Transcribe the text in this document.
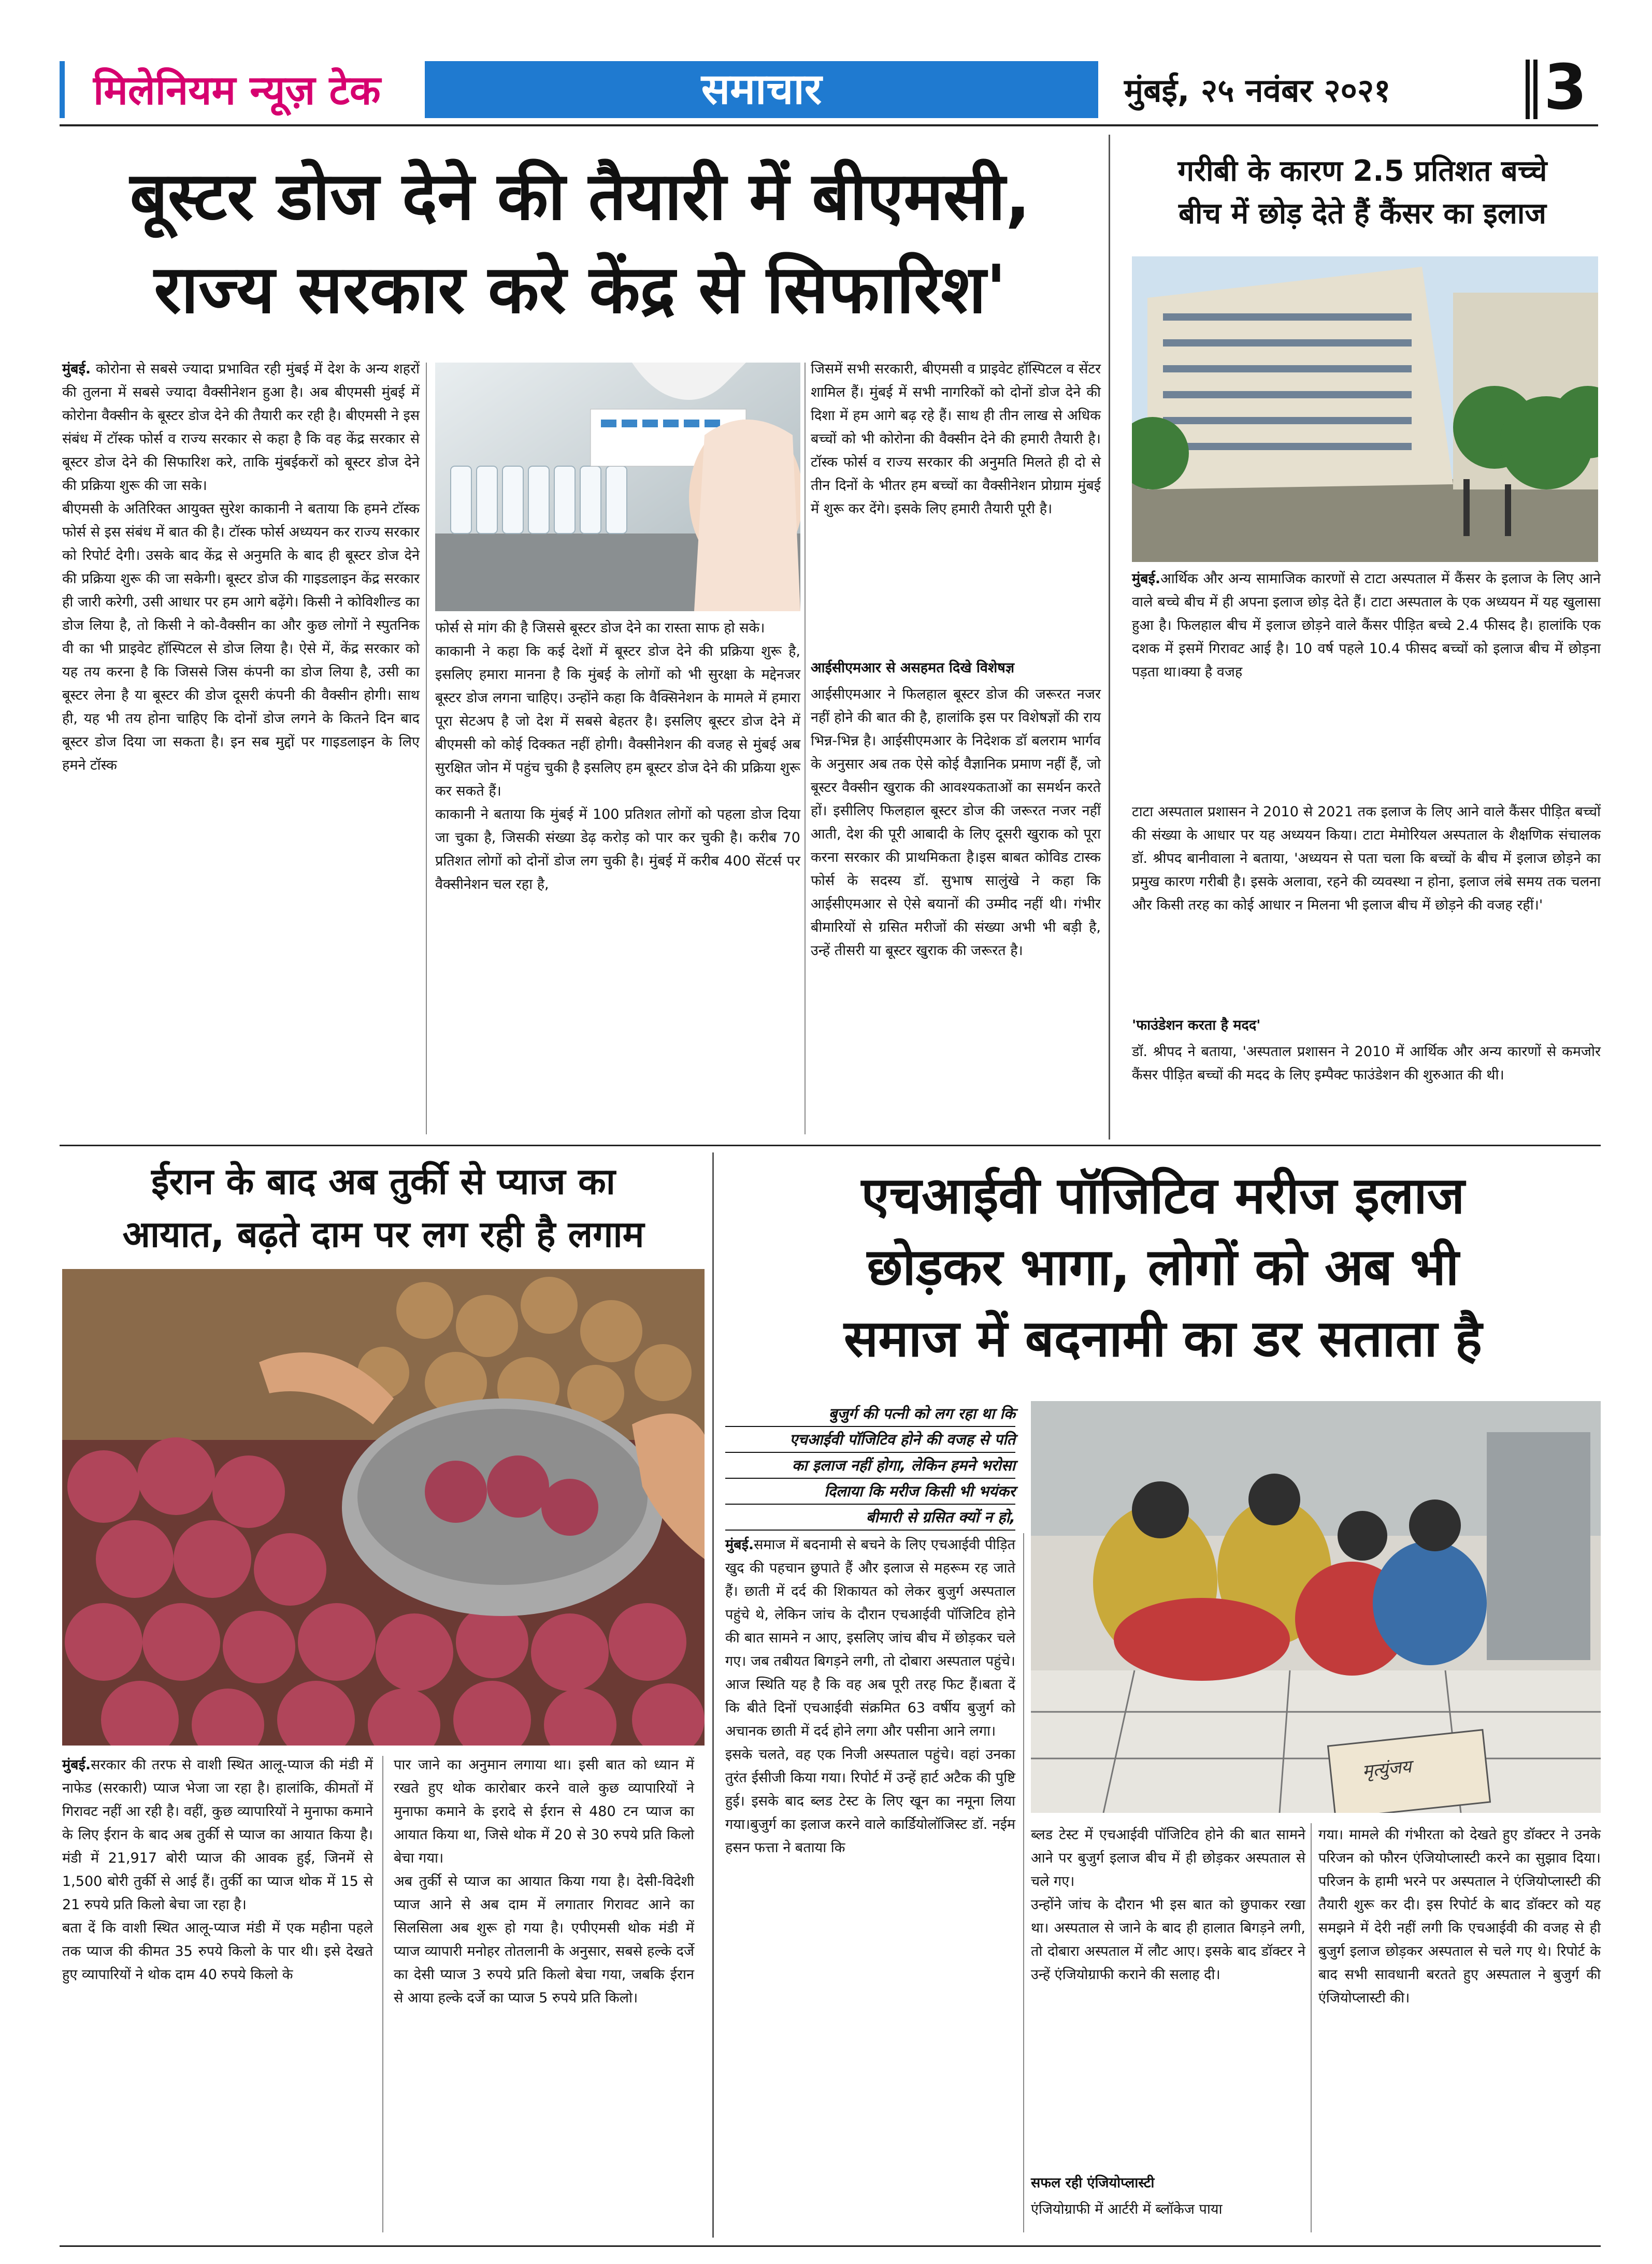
मिलेनियम न्यूज़ टेक	समाचार	मुंबई, २५ नवंबर २०२१	3
बूस्टर डोज देने की तैयारी में बीएमसी,
राज्य सरकार करे केंद्र से सिफारिश'
मुंबई. कोरोना से सबसे ज्यादा प्रभावित रही मुंबई में देश के अन्य शहरों की तुलना में सबसे ज्यादा वैक्सीनेशन हुआ है। अब बीएमसी मुंबई में कोरोना वैक्सीन के बूस्टर डोज देने की तैयारी कर रही है। बीएमसी ने इस संबंध में टॉस्क फोर्स व राज्य सरकार से कहा है कि वह केंद्र सरकार से बूस्टर डोज देने की सिफारिश करे, ताकि मुंबईकरों को बूस्टर डोज देने की प्रक्रिया शुरू की जा सके।
बीएमसी के अतिरिक्त आयुक्त सुरेश काकानी ने बताया कि हमने टॉस्क फोर्स से इस संबंध में बात की है। टॉस्क फोर्स अध्ययन कर राज्य सरकार को रिपोर्ट देगी। उसके बाद केंद्र से अनुमति के बाद ही बूस्टर डोज देने की प्रक्रिया शुरू की जा सकेगी। बूस्टर डोज की गाइडलाइन केंद्र सरकार ही जारी करेगी, उसी आधार पर हम आगे बढ़ेंगे। किसी ने कोविशील्ड का डोज लिया है, तो किसी ने को-वैक्सीन का और कुछ लोगों ने स्पुतनिक वी का भी प्राइवेट हॉस्पिटल से डोज लिया है। ऐसे में, केंद्र सरकार को यह तय करना है कि जिससे जिस कंपनी का डोज लिया है, उसी का बूस्टर लेना है या बूस्टर की डोज दूसरी कंपनी की वैक्सीन होगी। साथ ही, यह भी तय होना चाहिए कि दोनों डोज लगने के कितने दिन बाद बूस्टर डोज दिया जा सकता है। इन सब मुद्दों पर गाइडलाइन के लिए हमने टॉस्क
फोर्स से मांग की है जिससे बूस्टर डोज देने का रास्ता साफ हो सके।
काकानी ने कहा कि कई देशों में बूस्टर डोज देने की प्रक्रिया शुरू है, इसलिए हमारा मानना है कि मुंबई के लोगों को भी सुरक्षा के मद्देनजर बूस्टर डोज लगना चाहिए। उन्होंने कहा कि वैक्सिनेशन के मामले में हमारा पूरा सेटअप है जो देश में सबसे बेहतर है। इसलिए बूस्टर डोज देने में बीएमसी को कोई दिक्कत नहीं होगी। वैक्सीनेशन की वजह से मुंबई अब सुरक्षित जोन में पहुंच चुकी है इसलिए हम बूस्टर डोज देने की प्रक्रिया शुरू कर सकते हैं।
काकानी ने बताया कि मुंबई में 100 प्रतिशत लोगों को पहला डोज दिया जा चुका है, जिसकी संख्या डेढ़ करोड़ को पार कर चुकी है। करीब 70 प्रतिशत लोगों को दोनों डोज लग चुकी है। मुंबई में करीब 400 सेंटर्स पर वैक्सीनेशन चल रहा है,
जिसमें सभी सरकारी, बीएमसी व प्राइवेट हॉस्पिटल व सेंटर शामिल हैं। मुंबई में सभी नागरिकों को दोनों डोज देने की दिशा में हम आगे बढ़ रहे हैं। साथ ही तीन लाख से अधिक बच्चों को भी कोरोना की वैक्सीन देने की हमारी तैयारी है। टॉस्क फोर्स व राज्य सरकार की अनुमति मिलते ही दो से तीन दिनों के भीतर हम बच्चों का वैक्सीनेशन प्रोग्राम मुंबई में शुरू कर देंगे। इसके लिए हमारी तैयारी पूरी है।
आईसीएमआर से असहमत दिखे विशेषज्ञ
आईसीएमआर ने फिलहाल बूस्टर डोज की जरूरत नजर नहीं होने की बात की है, हालांकि इस पर विशेषज्ञों की राय भिन्न-भिन्न है। आईसीएमआर के निदेशक डॉ बलराम भार्गव के अनुसार अब तक ऐसे कोई वैज्ञानिक प्रमाण नहीं हैं, जो बूस्टर वैक्सीन खुराक की आवश्यकताओं का समर्थन करते हों। इसीलिए फिलहाल बूस्टर डोज की जरूरत नजर नहीं आती, देश की पूरी आबादी के लिए दूसरी खुराक को पूरा करना सरकार की प्राथमिकता है।इस बाबत कोविड टास्क फोर्स के सदस्य डॉ. सुभाष सालुंखे ने कहा कि आईसीएमआर से ऐसे बयानों की उम्मीद नहीं थी। गंभीर बीमारियों से ग्रसित मरीजों की संख्या अभी भी बड़ी है, उन्हें तीसरी या बूस्टर खुराक की जरूरत है।
गरीबी के कारण 2.5 प्रतिशत बच्चे
बीच में छोड़ देते हैं कैंसर का इलाज
मुंबई.आर्थिक और अन्य सामाजिक कारणों से टाटा अस्पताल में कैंसर के इलाज के लिए आने वाले बच्चे बीच में ही अपना इलाज छोड़ देते हैं। टाटा अस्पताल के एक अध्ययन में यह खुलासा हुआ है। फिलहाल बीच में इलाज छोड़ने वाले कैंसर पीड़ित बच्चे 2.4 फीसद है। हालांकि एक दशक में इसमें गिरावट आई है। 10 वर्ष पहले 10.4 फीसद बच्चों को इलाज बीच में छोड़ना पड़ता था।क्या है वजह
टाटा अस्पताल प्रशासन ने 2010 से 2021 तक इलाज के लिए आने वाले कैंसर पीड़ित बच्चों की संख्या के आधार पर यह अध्ययन किया। टाटा मेमोरियल अस्पताल के शैक्षणिक संचालक डॉ. श्रीपद बानीवाला ने बताया, 'अध्ययन से पता चला कि बच्चों के बीच में इलाज छोड़ने का प्रमुख कारण गरीबी है। इसके अलावा, रहने की व्यवस्था न होना, इलाज लंबे समय तक चलना और किसी तरह का कोई आधार न मिलना भी इलाज बीच में छोड़ने की वजह रहीं।'
'फाउंडेशन करता है मदद'
डॉ. श्रीपद ने बताया, 'अस्पताल प्रशासन ने 2010 में आर्थिक और अन्य कारणों से कमजोर कैंसर पीड़ित बच्चों की मदद के लिए इम्पैक्ट फाउंडेशन की शुरुआत की थी।
ईरान के बाद अब तुर्की से प्याज का
आयात, बढ़ते दाम पर लग रही है लगाम
मुंबई.सरकार की तरफ से वाशी स्थित आलू-प्याज की मंडी में नाफेड (सरकारी) प्याज भेजा जा रहा है। हालांकि, कीमतों में गिरावट नहीं आ रही है। वहीं, कुछ व्यापारियों ने मुनाफा कमाने के लिए ईरान के बाद अब तुर्की से प्याज का आयात किया है। मंडी में 21,917 बोरी प्याज की आवक हुई, जिनमें से 1,500 बोरी तुर्की से आई हैं। तुर्की का प्याज थोक में 15 से 21 रुपये प्रति किलो बेचा जा रहा है।
बता दें कि वाशी स्थित आलू-प्याज मंडी में एक महीना पहले तक प्याज की कीमत 35 रुपये किलो के पार थी। इसे देखते हुए व्यापारियों ने थोक दाम 40 रुपये किलो के
पार जाने का अनुमान लगाया था। इसी बात को ध्यान में रखते हुए थोक कारोबार करने वाले कुछ व्यापारियों ने मुनाफा कमाने के इरादे से ईरान से 480 टन प्याज का आयात किया था, जिसे थोक में 20 से 30 रुपये प्रति किलो बेचा गया।
अब तुर्की से प्याज का आयात किया गया है। देसी-विदेशी प्याज आने से अब दाम में लगातार गिरावट आने का सिलसिला अब शुरू हो गया है। एपीएमसी थोक मंडी में प्याज व्यापारी मनोहर तोतलानी के अनुसार, सबसे हल्के दर्जे का देसी प्याज 3 रुपये प्रति किलो बेचा गया, जबकि ईरान से आया हल्के दर्जे का प्याज 5 रुपये प्रति किलो।
एचआईवी पॉजिटिव मरीज इलाज
छोड़कर भागा, लोगों को अब भी
समाज में बदनामी का डर सताता है
बुजुर्ग की पत्नी को लग रहा था कि
एचआईवी पॉजिटिव होने की वजह से पति
का इलाज नहीं होगा, लेकिन हमने भरोसा
दिलाया कि मरीज किसी भी भयंकर
बीमारी से ग्रसित क्यों न हो,
मृत्युंजय
मुंबई.समाज में बदनामी से बचने के लिए एचआईवी पीड़ित खुद की पहचान छुपाते हैं और इलाज से महरूम रह जाते हैं। छाती में दर्द की शिकायत को लेकर बुजुर्ग अस्पताल पहुंचे थे, लेकिन जांच के दौरान एचआईवी पॉजिटिव होने की बात सामने न आए, इसलिए जांच बीच में छोड़कर चले गए। जब तबीयत बिगड़ने लगी, तो दोबारा अस्पताल पहुंचे। आज स्थिति यह है कि वह अब पूरी तरह फिट हैं।बता दें कि बीते दिनों एचआईवी संक्रमित 63 वर्षीय बुजुर्ग को अचानक छाती में दर्द होने लगा और पसीना आने लगा।
इसके चलते, वह एक निजी अस्पताल पहुंचे। वहां उनका तुरंत ईसीजी किया गया। रिपोर्ट में उन्हें हार्ट अटैक की पुष्टि हुई। इसके बाद ब्लड टेस्ट के लिए खून का नमूना लिया गया।बुजुर्ग का इलाज करने वाले कार्डियोलॉजिस्ट डॉ. नईम हसन फत्ता ने बताया कि
ब्लड टेस्ट में एचआईवी पॉजिटिव होने की बात सामने आने पर बुजुर्ग इलाज बीच में ही छोड़कर अस्पताल से चले गए।
उन्होंने जांच के दौरान भी इस बात को छुपाकर रखा था। अस्पताल से जाने के बाद ही हालात बिगड़ने लगी, तो दोबारा अस्पताल में लौट आए। इसके बाद डॉक्टर ने उन्हें एंजियोग्राफी कराने की सलाह दी।
सफल रही एंजियोप्लास्टी
एंजियोग्राफी में आर्टरी में ब्लॉकेज पाया
गया। मामले की गंभीरता को देखते हुए डॉक्टर ने उनके परिजन को फौरन एंजियोप्लास्टी करने का सुझाव दिया। परिजन के हामी भरने पर अस्पताल ने एंजियोप्लास्टी की तैयारी शुरू कर दी। इस रिपोर्ट के बाद डॉक्टर को यह समझने में देरी नहीं लगी कि एचआईवी की वजह से ही बुजुर्ग इलाज छोड़कर अस्पताल से चले गए थे। रिपोर्ट के बाद सभी सावधानी बरतते हुए अस्पताल ने बुजुर्ग की एंजियोप्लास्टी की।
